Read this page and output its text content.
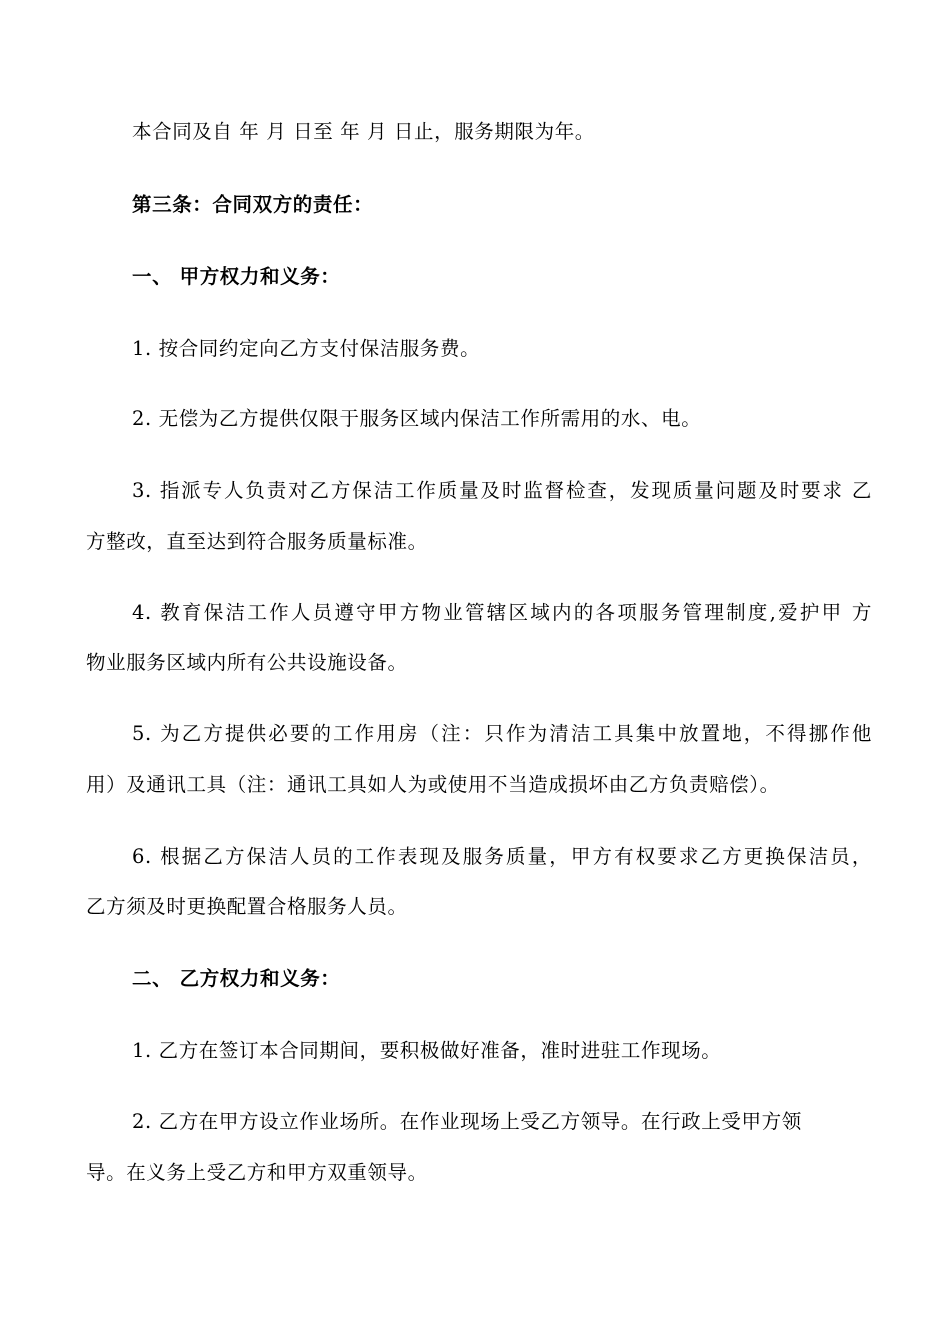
本合同及自 年 月 日至 年 月 日止，服务期限为年。
第三条：合同双方的责任：
一、 甲方权力和义务：
1. 按合同约定向乙方支付保洁服务费。
2. 无偿为乙方提供仅限于服务区域内保洁工作所需用的水、电。
3. 指派专人负责对乙方保洁工作质量及时监督检查，发现质量问题及时要求 乙
方整改，直至达到符合服务质量标准。
4. 教育保洁工作人员遵守甲方物业管辖区域内的各项服务管理制度,爱护甲 方
物业服务区域内所有公共设施设备。
5. 为乙方提供必要的工作用房（注：只作为清洁工具集中放置地，不得挪作他
用）及通讯工具（注：通讯工具如人为或使用不当造成损坏由乙方负责赔偿）。
6. 根据乙方保洁人员的工作表现及服务质量，甲方有权要求乙方更换保洁员，
乙方须及时更换配置合格服务人员。
二、 乙方权力和义务：
1. 乙方在签订本合同期间，要积极做好准备，准时进驻工作现场。
2. 乙方在甲方设立作业场所。在作业现场上受乙方领导。在行政上受甲方领
导。在义务上受乙方和甲方双重领导。
